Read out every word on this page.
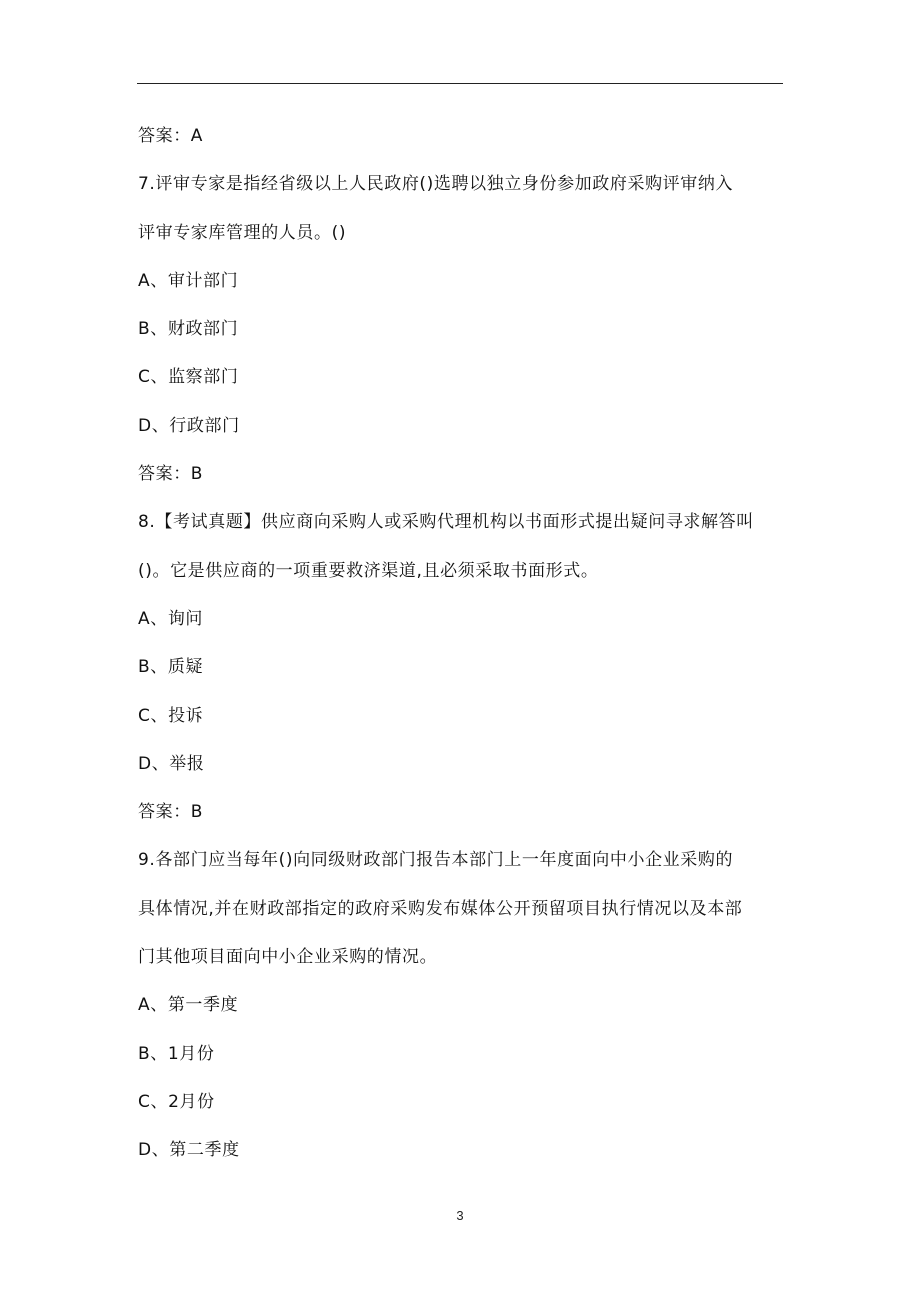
答案：A
7.评审专家是指经省级以上人民政府()选聘以独立身份参加政府采购评审纳入
评审专家库管理的人员。()
A、审计部门
B、财政部门
C、监察部门
D、行政部门
答案：B
8.【考试真题】供应商向采购人或采购代理机构以书面形式提出疑问寻求解答叫
()。它是供应商的一项重要救济渠道,且必须采取书面形式。
A、询问
B、质疑
C、投诉
D、举报
答案：B
9.各部门应当每年()向同级财政部门报告本部门上一年度面向中小企业采购的
具体情况,并在财政部指定的政府采购发布媒体公开预留项目执行情况以及本部
门其他项目面向中小企业采购的情况。
A、第一季度
B、1月份
C、2月份
D、第二季度
3
